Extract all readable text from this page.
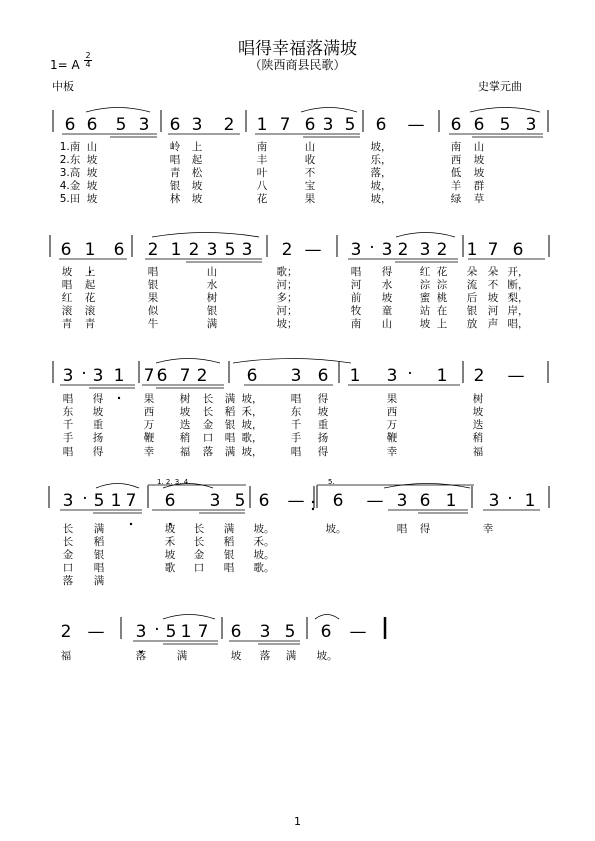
唱得幸福落满坡
（陕西商县民歌）
1= A
2
4
中板	史掌元曲
1
6 6 5 3 6 3 2 1 7 6 3 5 6 — 6 6 5 3
1.南 山	岭 上	南	山	坡，	南 山
2.东 坡	唱 起	丰	收	乐，	西 坡
3.高 坡	青 松	叶	不	落，	低 坡
4.金 坡	银 坡	八	宝	坡，	羊 群
5.田 坡	林 坡	花	果	坡，	绿 草
6 1 6 2 1 2 3 5 3 2 — 3 · 3 2 3 2 1 7 6
坡 上	唱	山	歌；	唱 得	红 花 朵 朵 开，
唱 起	银	水	河；	河 水	淙 淙 流 不 断，
红 花	果	树	多；	前 坡	蜜 桃 后 坡 梨，
滚 滚	似	银	河；	牧 童	站 在 银 河 岸，
青 青	牛	满	坡；	南 山	坡 上 放 声 唱，
3 · 3 1 7 6 7 2 6 3 6 1 3 · 1 2 —
唱 得	果 树 长 满 坡，	唱 得	果	树
东 坡	西 坡 长 稻 禾，	东 坡	西	坡
千 重	万 迭 金 银 坡，	千 重	万	迭
手 扬	鞭 稍 口 唱 歌，	手 扬	鞭	稍
唱 得	幸 福 落 满 坡，	唱 得	幸	福
3 · 5 1 7 6 3 5 6 — 6 — 3 6 1 3 · 1
长 满	坡 长 满 坡。	坡。	唱 得	幸
长 稻	禾 长 稻 禾。
金 银	坡 金 银 坡。
口 唱	歌 口 唱 歌。
落 满
2 — 3 · 5 1 7 6 3 5 6 —
福	落	满	坡 落 满 坡。
1. 2. 3. 4.	5.
